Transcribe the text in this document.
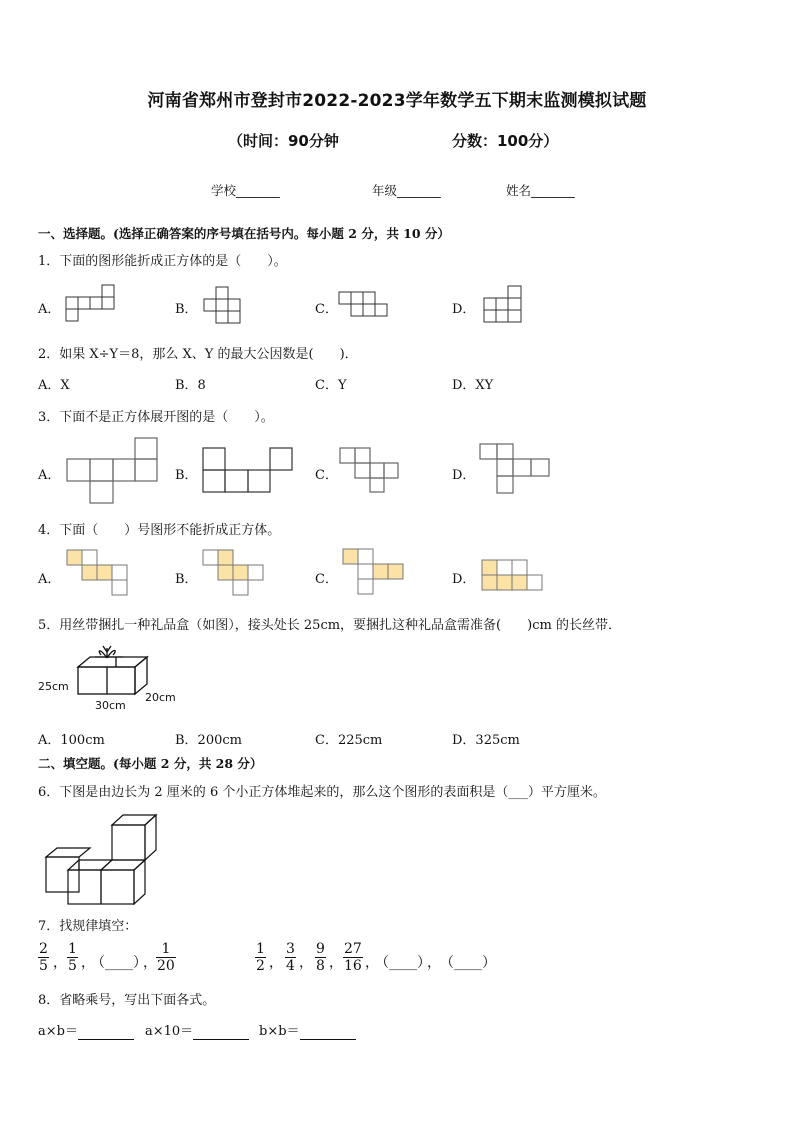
河南省郑州市登封市2022-2023学年数学五下期末监测模拟试题
（时间：90分钟	分数：100分）
学校_______	年级_______	姓名_______
一、选择题。(选择正确答案的序号填在括号内。每小题 2 分，共 10 分）
1．下面的图形能折成正方体的是（　　）。
A．	B．	C．	D．
2．如果 X÷Y＝8，那么 X、Y 的最大公因数是(　　)．
A．X	B．8	C．Y	D．XY
3．下面不是正方体展开图的是（　　）。
A．	B．	C．	D．
4．下面（　　）号图形不能折成正方体。
A．	B．	C．	D．
5．用丝带捆扎一种礼品盒（如图），接头处长 25cm，要捆扎这种礼品盒需准备(　　)cm 的长丝带．
25cm
30cm
20cm
A．100cm	B．200cm	C．225cm	D．325cm
二、填空题。(每小题 2 分，共 28 分）
6．下图是由边长为 2 厘米的 6 个小正方体堆起来的，那么这个图形的表面积是（___）平方厘米。
7．找规律填空：
$\frac{2}{5}$ ， $\frac{1}{5}$ ，
（____）
， $\frac{1}{20}$	$\frac{1}{2}$ ， $\frac{3}{4}$ ， $\frac{9}{8}$ ， $\frac{27}{16}$ ，
（____）
， （____）
8．省略乘号，写出下面各式。
a×b＝	a×10＝	b×b＝
